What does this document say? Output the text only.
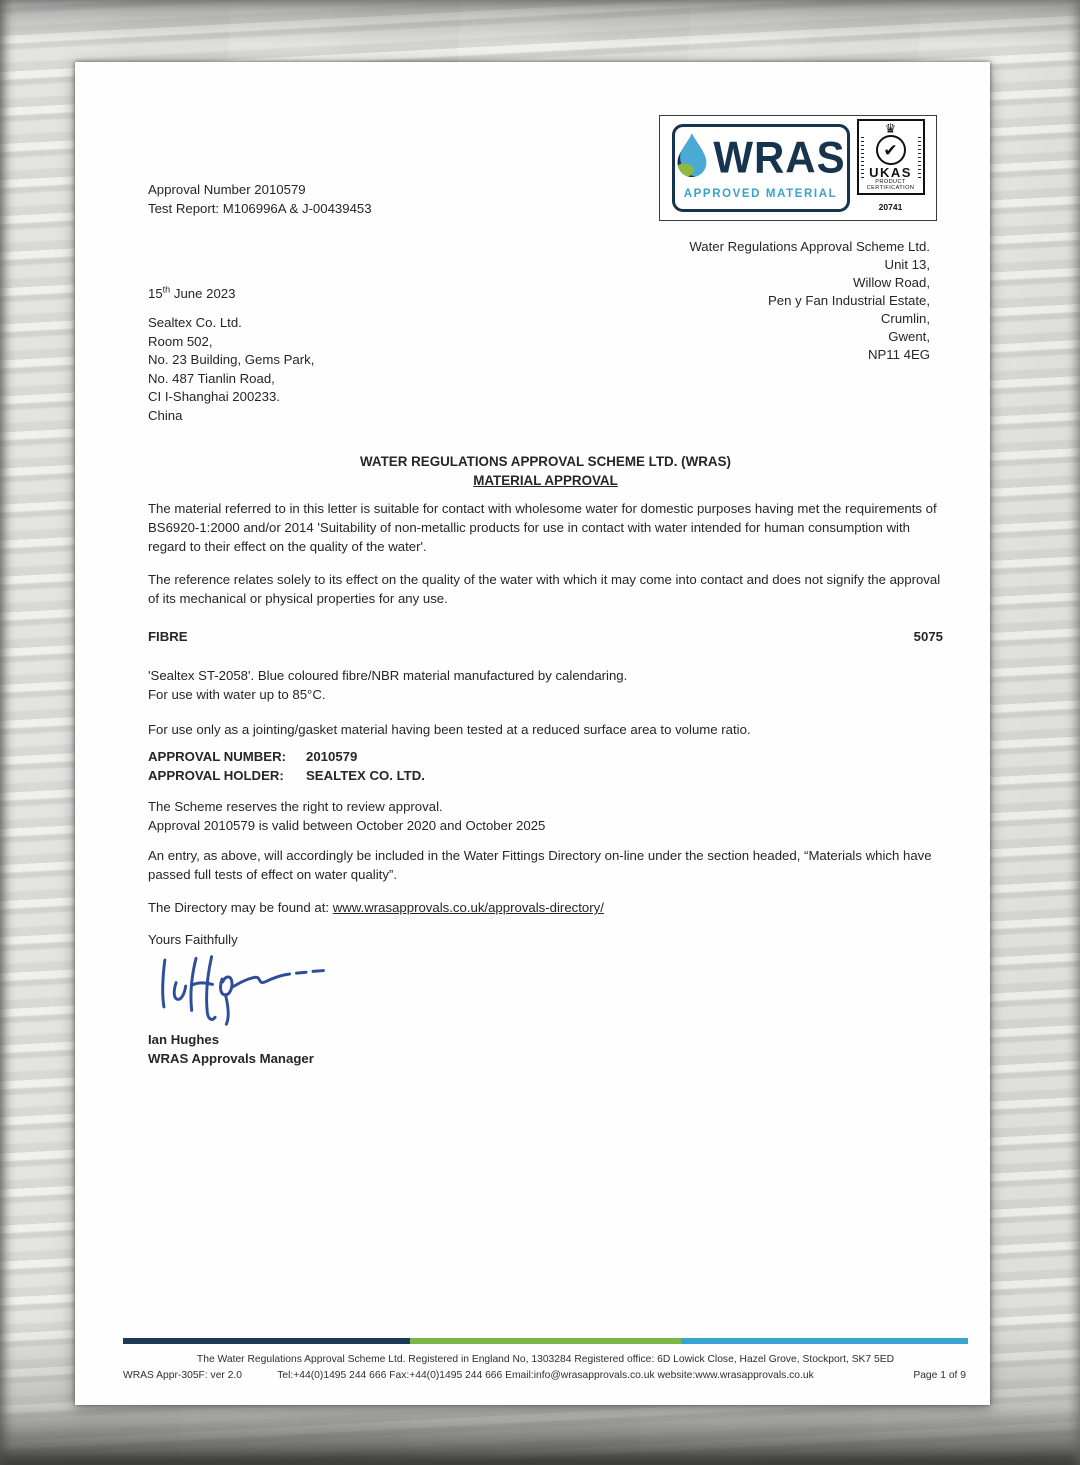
Approval Number 2010579
Test Report: M106996A & J-00439453
WRAS
APPROVED MATERIAL
♛
✔
UKAS
PRODUCT
CERTIFICATION
20741
Water Regulations Approval Scheme Ltd.
Unit 13,
Willow Road,
Pen y Fan Industrial Estate,
Crumlin,
Gwent,
NP11 4EG
15th June 2023
Sealtex Co. Ltd.
Room 502,
No. 23 Building, Gems Park,
No. 487 Tianlin Road,
CI I-Shanghai 200233.
China
WATER REGULATIONS APPROVAL SCHEME LTD. (WRAS)
MATERIAL APPROVAL
The material referred to in this letter is suitable for contact with wholesome water for domestic purposes having met the requirements of BS6920-1:2000 and/or 2014 'Suitability of non-metallic products for use in contact with water intended for human consumption with regard to their effect on the quality of the water'.
The reference relates solely to its effect on the quality of the water with which it may come into contact and does not signify the approval of its mechanical or physical properties for any use.
FIBRE	5075
'Sealtex ST-2058'. Blue coloured fibre/NBR material manufactured by calendaring.
For use with water up to 85°C.
For use only as a jointing/gasket material having been tested at a reduced surface area to volume ratio.
APPROVAL NUMBER:	2010579
APPROVAL HOLDER:	SEALTEX CO. LTD.
The Scheme reserves the right to review approval.
Approval 2010579 is valid between October 2020 and October 2025
An entry, as above, will accordingly be included in the Water Fittings Directory on-line under the section headed, “Materials which have passed full tests of effect on water quality”.
The Directory may be found at: www.wrasapprovals.co.uk/approvals-directory/
Yours Faithfully
Ian Hughes
WRAS Approvals Manager
The Water Regulations Approval Scheme Ltd. Registered in England No, 1303284 Registered office: 6D Lowick Close, Hazel Grove, Stockport, SK7 5ED
WRAS Appr-305F: ver 2.0	Tel:+44(0)1495 244 666 Fax:+44(0)1495 244 666 Email:info@wrasapprovals.co.uk website:www.wrasapprovals.co.uk	Page 1 of 9
